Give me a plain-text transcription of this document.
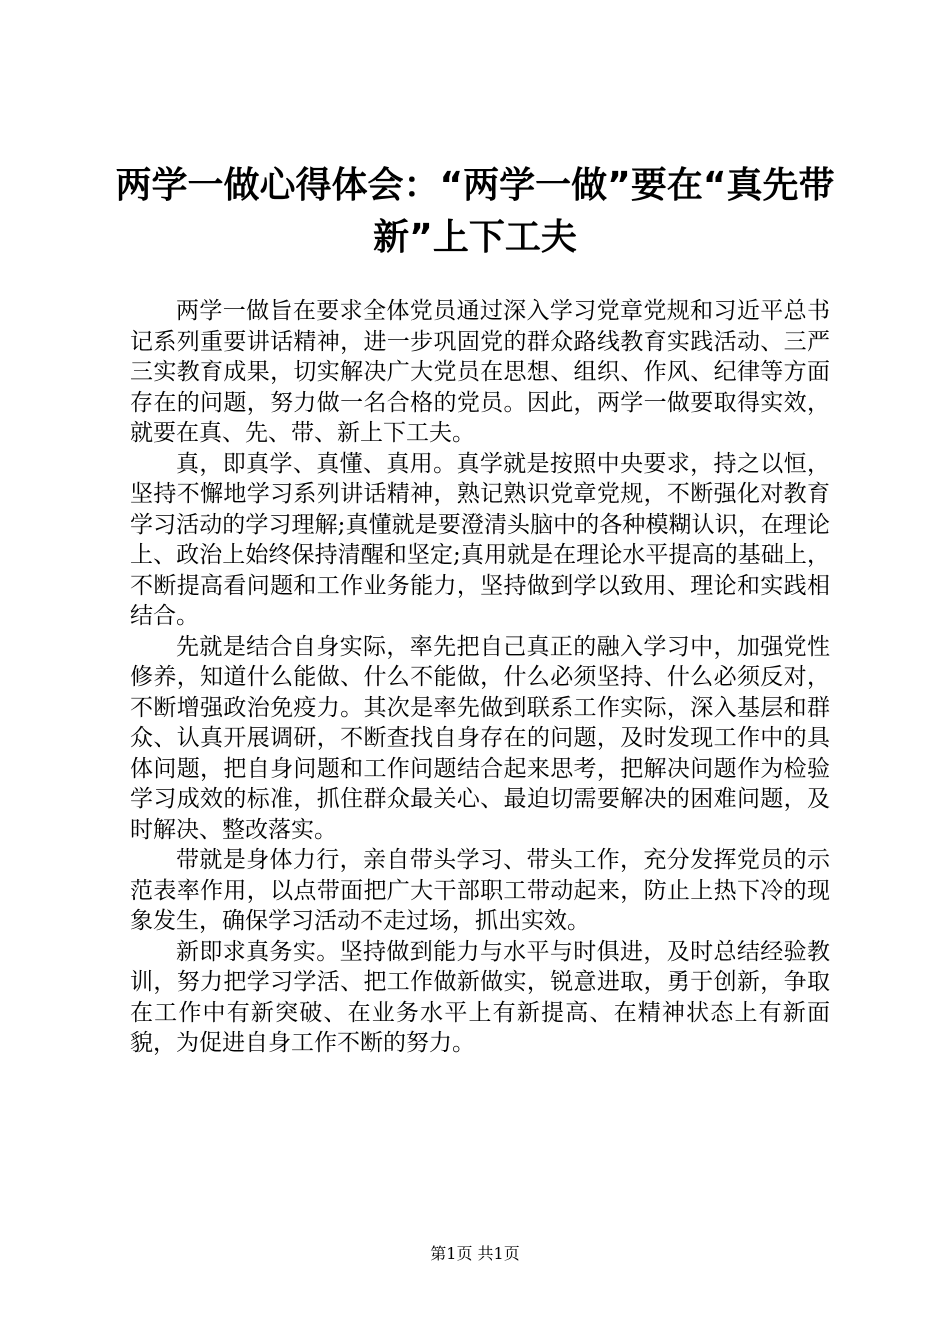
两学一做心得体会：“两学一做”要在“真先带新”上下工夫

两学一做旨在要求全体党员通过深入学习党章党规和习近平总书记系列重要讲话精神，进一步巩固党的群众路线教育实践活动、三严三实教育成果，切实解决广大党员在思想、组织、作风、纪律等方面存在的问题，努力做一名合格的党员。因此，两学一做要取得实效，就要在真、先、带、新上下工夫。

真，即真学、真懂、真用。真学就是按照中央要求，持之以恒，坚持不懈地学习系列讲话精神，熟记熟识党章党规，不断强化对教育学习活动的学习理解;真懂就是要澄清头脑中的各种模糊认识，在理论上、政治上始终保持清醒和坚定;真用就是在理论水平提高的基础上，不断提高看问题和工作业务能力，坚持做到学以致用、理论和实践相结合。

先就是结合自身实际，率先把自己真正的融入学习中，加强党性修养，知道什么能做、什么不能做，什么必须坚持、什么必须反对，不断增强政治免疫力。其次是率先做到联系工作实际，深入基层和群众、认真开展调研，不断查找自身存在的问题，及时发现工作中的具体问题，把自身问题和工作问题结合起来思考，把解决问题作为检验学习成效的标准，抓住群众最关心、最迫切需要解决的困难问题，及时解决、整改落实。

带就是身体力行，亲自带头学习、带头工作，充分发挥党员的示范表率作用，以点带面把广大干部职工带动起来，防止上热下冷的现象发生，确保学习活动不走过场，抓出实效。

新即求真务实。坚持做到能力与水平与时俱进，及时总结经验教训，努力把学习学活、把工作做新做实，锐意进取，勇于创新，争取在工作中有新突破、在业务水平上有新提高、在精神状态上有新面貌，为促进自身工作不断的努力。

第1页 共1页
